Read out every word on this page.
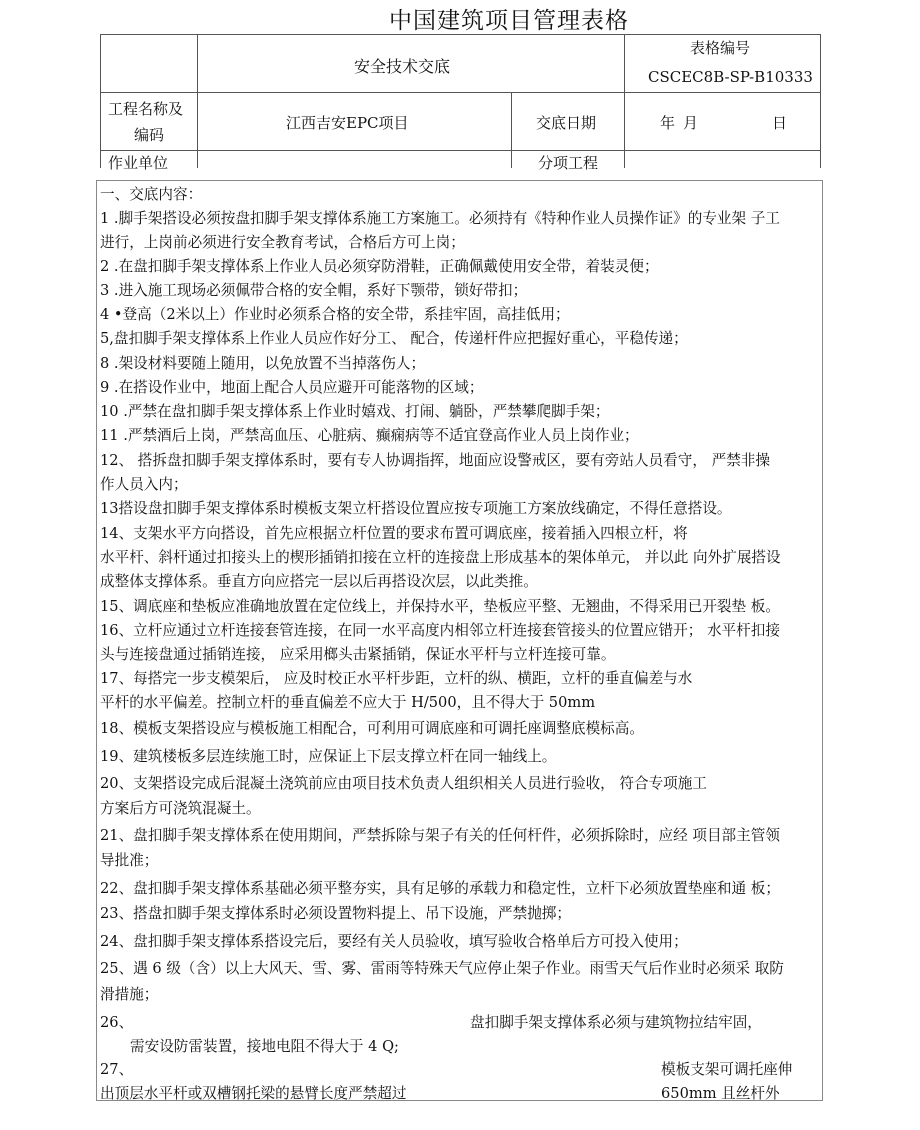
中国建筑项目管理表格
安全技术交底
表格编号
CSCEC8B-SP-B10333
工程名称及
编码
江西吉安EPC项目	交底日期	年 月	日
作业单位	分项工程
一、交底内容：
1 .脚手架搭设必须按盘扣脚手架支撑体系施工方案施工。必须持有《特种作业人员操作证》的专业架 子工
进行，上岗前必须进行安全教育考试，合格后方可上岗；
2 .在盘扣脚手架支撑体系上作业人员必须穿防滑鞋，正确佩戴使用安全带，着装灵便；
3 .进入施工现场必须佩带合格的安全帽，系好下颚带，锁好带扣；
4 •登高（2米以上）作业时必须系合格的安全带，系挂牢固，高挂低用；
5,盘扣脚手架支撑体系上作业人员应作好分工、 配合，传递杆件应把握好重心，平稳传递；
8 .架设材料要随上随用，以免放置不当掉落伤人；
9 .在搭设作业中，地面上配合人员应避开可能落物的区域；
10 .严禁在盘扣脚手架支撑体系上作业时嬉戏、打闹、躺卧，严禁攀爬脚手架；
11 .严禁酒后上岗，严禁高血压、心脏病、癫痫病等不适宜登高作业人员上岗作业；
12、 搭拆盘扣脚手架支撑体系时，要有专人协调指挥，地面应设警戒区，要有旁站人员看守， 严禁非操
作人员入内；
13搭设盘扣脚手架支撑体系时模板支架立杆搭设位置应按专项施工方案放线确定，不得任意搭设。
14、支架水平方向搭设，首先应根据立杆位置的要求布置可调底座，接着插入四根立杆，将
水平杆、斜杆通过扣接头上的楔形插销扣接在立杆的连接盘上形成基本的架体单元， 并以此 向外扩展搭设
成整体支撑体系。垂直方向应搭完一层以后再搭设次层，以此类推。
15、调底座和垫板应准确地放置在定位线上，并保持水平，垫板应平整、无翘曲，不得采用已开裂垫 板。
16、立杆应通过立杆连接套管连接，在同一水平高度内相邻立杆连接套管接头的位置应错开； 水平杆扣接
头与连接盘通过插销连接， 应采用榔头击紧插销，保证水平杆与立杆连接可靠。
17、每搭完一步支模架后， 应及时校正水平杆步距，立杆的纵、横距，立杆的垂直偏差与水
平杆的水平偏差。控制立杆的垂直偏差不应大于 H/500，且不得大于 50mm
18、模板支架搭设应与模板施工相配合，可利用可调底座和可调托座调整底模标高。
19、建筑楼板多层连续施工时，应保证上下层支撑立杆在同一轴线上。
20、支架搭设完成后混凝土浇筑前应由项目技术负责人组织相关人员进行验收， 符合专项施工
方案后方可浇筑混凝土。
21、盘扣脚手架支撑体系在使用期间，严禁拆除与架子有关的任何杆件，必须拆除时，应经 项目部主管领
导批准；
22、盘扣脚手架支撑体系基础必须平整夯实，具有足够的承载力和稳定性，立杆下必须放置垫座和通 板；
23、搭盘扣脚手架支撑体系时必须设置物料提上、吊下设施，严禁抛掷；
24、盘扣脚手架支撑体系搭设完后，要经有关人员验收，填写验收合格单后方可投入使用；
25、遇 6 级（含）以上大风天、雪、雾、雷雨等特殊天气应停止架子作业。雨雪天气后作业时必须采 取防
滑措施；
26、	盘扣脚手架支撑体系必须与建筑物拉结牢固，
需安设防雷装置，接地电阻不得大于 4 Q;
27、	模板支架可调托座伸
出顶层水平杆或双槽钢托梁的悬臂长度严禁超过	650mm 且丝杆外
